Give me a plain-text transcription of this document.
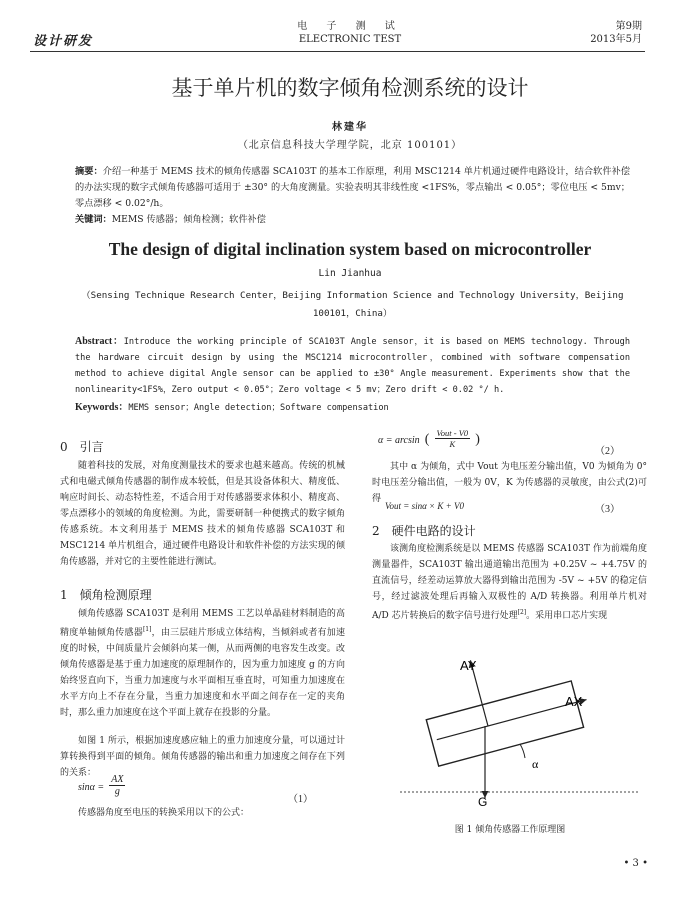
设计研发
电 子 测 试
ELECTRONIC TEST
第9期
2013年5月
基于单片机的数字倾角检测系统的设计
林建华
（北京信息科技大学理学院，北京 100101）
摘要：介绍一种基于 MEMS 技术的倾角传感器 SCA103T 的基本工作原理，利用 MSC1214 单片机通过硬件电路设计，结合软件补偿的办法实现的数字式倾角传感器可适用于 ±30° 的大角度测量。实验表明其非线性度 <1FS%，零点输出 < 0.05°；零位电压 < 5mv；零点漂移 < 0.02°/h。
关键词：MEMS 传感器；倾角检测；软件补偿
The design of digital inclination system based on microcontroller
Lin Jianhua
（Sensing Technique Research Center，Beijing Information Science and Technology University，Beijing 100101，China）
Abstract：Introduce the working principle of SCA103T Angle sensor，it is based on MEMS technology. Through the hardware circuit design by using the MSC1214 microcontroller，combined with software compensation method to achieve digital Angle sensor can be applied to ±30° Angle measurement. Experiments show that the nonlinearity<1FS%，Zero output < 0.05°；Zero voltage < 5 mv；Zero drift < 0.02 °/ h.
Keywords：MEMS sensor；Angle detection；Software compensation
0 引言
随着科技的发展，对角度测量技术的要求也越来越高。传统的机械式和电磁式倾角传感器的制作成本较低，但是其设备体积大、精度低、响应时间长、动态特性差，不适合用于对传感器要求体积小、精度高、零点漂移小的领域的角度检测。为此，需要研制一种便携式的数字倾角传感系统。本文利用基于 MEMS 技术的倾角传感器 SCA103T 和 MSC1214 单片机组合，通过硬件电路设计和软件补偿的方法实现的倾角传感器，并对它的主要性能进行测试。
1 倾角检测原理
倾角传感器 SCA103T 是利用 MEMS 工艺以单晶硅材料制造的高精度单轴倾角传感器[1]，由三层硅片形成立体结构，当倾斜或者有加速度的时候，中间质量片会倾斜向某一侧，从而两侧的电容发生改变。改倾角传感器是基于重力加速度的原理制作的，因为重力加速度 g 的方向始终竖直向下，当重力加速度与水平面相互垂直时，可知重力加速度在水平方向上不存在分量，当重力加速度和水平面之间存在一定的夹角时，那么重力加速度在这个平面上就存在投影的分量。
如图 1 所示，根据加速度感应轴上的重力加速度分量，可以通过计算转换得到平面的倾角。倾角传感器的输出和重力加速度之间存在下列的关系：
$\sin\alpha = \frac{AX}{g}$
（1）
传感器角度至电压的转换采用以下的公式：
α = arcsin ( $\frac{\text{Vout - V0}}{K}$ )
（2）
其中 α 为倾角，式中 Vout 为电压差分输出值，V0 为倾角为 0°时电压差分输出值，一般为 0V，K 为传感器的灵敏度，由公式(2)可得
Vout = sinα × K + V0	（3）
2 硬件电路的设计
该测角度检测系统是以 MEMS 传感器 SCA103T 作为前端角度测量器件，SCA103T 输出通道输出范围为 +0.25V ~ +4.75V 的直流信号，经差动运算放大器得到输出范围为 -5V ~ +5V 的稳定信号，经过滤波处理后再输入双极性的 A/D 转换器。利用单片机对 A/D 芯片转换后的数字信号进行处理[2]。采用串口芯片实现
AY
AX
G
α
图 1 倾角传感器工作原理图
• 3 •
